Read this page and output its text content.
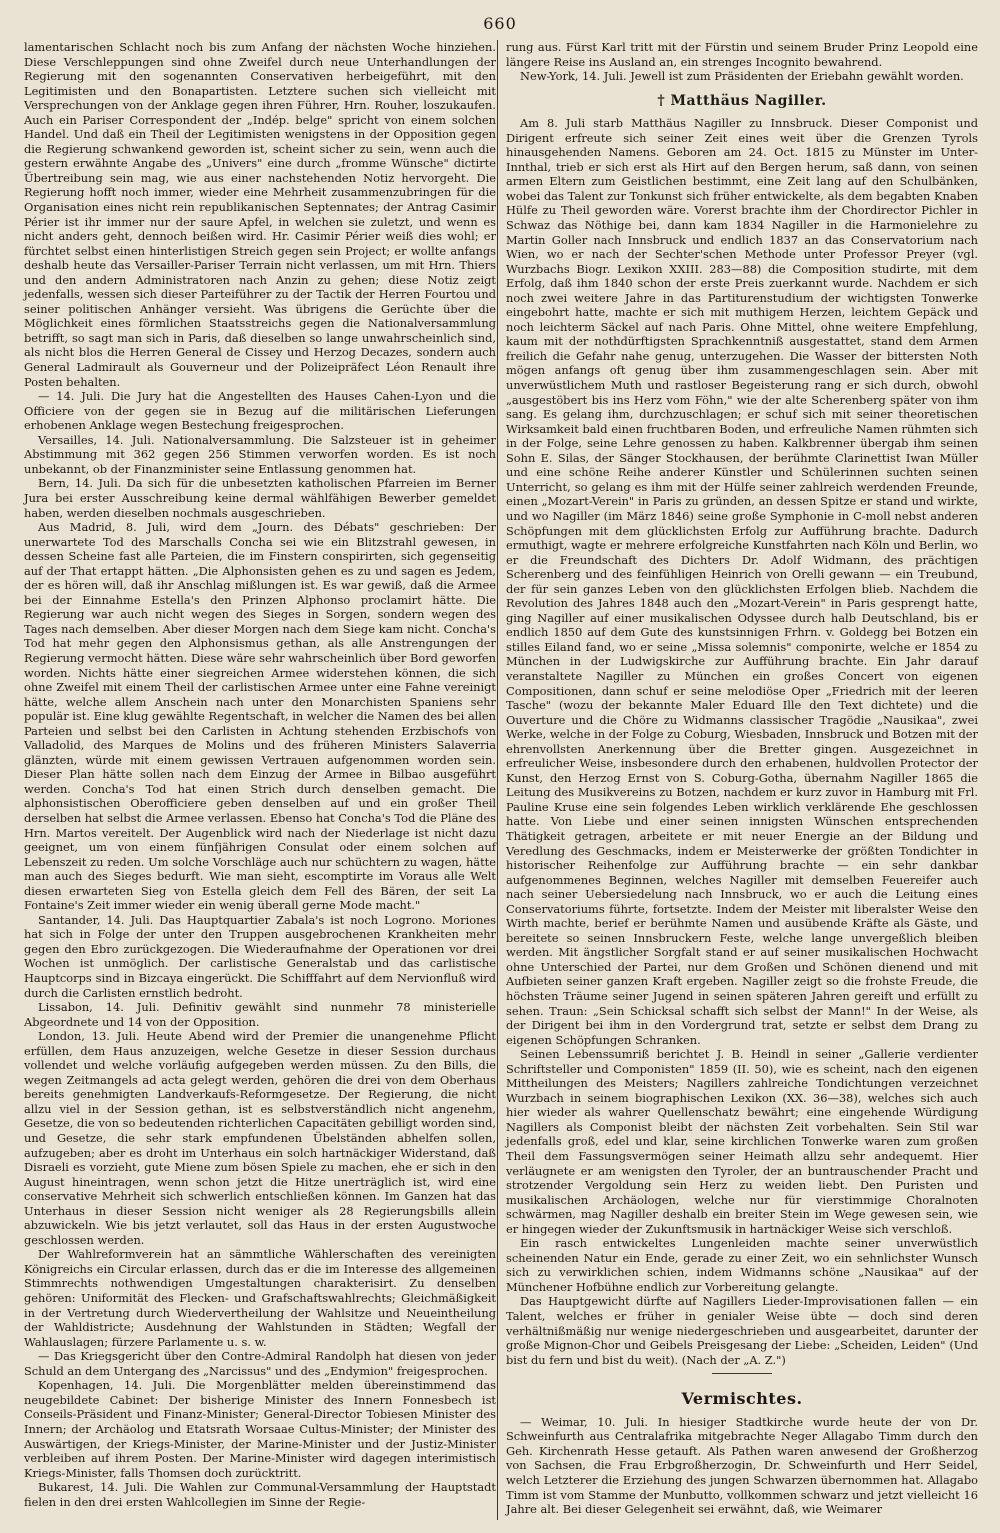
660

lamentarischen Schlacht noch bis zum Anfang der nächsten Woche hinziehen. Diese Verschleppungen sind ohne Zweifel durch neue Unterhandlungen der Regierung mit den sogenannten Conservativen herbeigeführt, mit den Legitimisten und den Bonapartisten. Letztere suchen sich vielleicht mit Versprechungen von der Anklage gegen ihren Führer, Hrn. Rouher, loszukaufen. Auch ein Pariser Correspondent der „Indép. belge" spricht von einem solchen Handel. Und daß ein Theil der Legitimisten wenigstens in der Opposition gegen die Regierung schwankend geworden ist, scheint sicher zu sein, wenn auch die gestern erwähnte Angabe des „Univers" eine durch „fromme Wünsche" dictirte Übertreibung sein mag, wie aus einer nachstehenden Notiz hervorgeht. Die Regierung hofft noch immer, wieder eine Mehrheit zusammenzubringen für die Organisation eines nicht rein republikanischen Septennates; der Antrag Casimir Périer ist ihr immer nur der saure Apfel, in welchen sie zuletzt, und wenn es nicht anders geht, dennoch beißen wird. Hr. Casimir Périer weiß dies wohl; er fürchtet selbst einen hinterlistigen Streich gegen sein Project; er wollte anfangs deshalb heute das Versailler-Pariser Terrain nicht verlassen, um mit Hrn. Thiers und den andern Administratoren nach Anzin zu gehen; diese Notiz zeigt jedenfalls, wessen sich dieser Parteiführer zu der Tactik der Herren Fourtou und seiner politischen Anhänger versieht. Was übrigens die Gerüchte über die Möglichkeit eines förmlichen Staatsstreichs gegen die Nationalversammlung betrifft, so sagt man sich in Paris, daß dieselben so lange unwahrscheinlich sind, als nicht blos die Herren General de Cissey und Herzog Decazes, sondern auch General Ladmirault als Gouverneur und der Polizeipräfect Léon Renault ihre Posten behalten.

— 14. Juli. Die Jury hat die Angestellten des Hauses Cahen-Lyon und die Officiere von der gegen sie in Bezug auf die militärischen Lieferungen erhobenen Anklage wegen Bestechung freigesprochen.

Versailles, 14. Juli. Nationalversammlung. Die Salzsteuer ist in geheimer Abstimmung mit 362 gegen 256 Stimmen verworfen worden. Es ist noch unbekannt, ob der Finanzminister seine Entlassung genommen hat.

Bern, 14. Juli. Da sich für die unbesetzten katholischen Pfarreien im Berner Jura bei erster Ausschreibung keine dermal wählfähigen Bewerber gemeldet haben, werden dieselben nochmals ausgeschrieben.

Aus Madrid, 8. Juli, wird dem „Journ. des Débats" geschrieben: Der unerwartete Tod des Marschalls Concha sei wie ein Blitzstrahl gewesen, in dessen Scheine fast alle Parteien, die im Finstern conspirirten, sich gegenseitig auf der That ertappt hätten. „Die Alphonsisten gehen es zu und sagen es Jedem, der es hören will, daß ihr Anschlag mißlungen ist. Es war gewiß, daß die Armee bei der Einnahme Estella's den Prinzen Alphonso proclamirt hätte. Die Regierung war auch nicht wegen des Sieges in Sorgen, sondern wegen des Tages nach demselben. Aber dieser Morgen nach dem Siege kam nicht. Concha's Tod hat mehr gegen den Alphonsismus gethan, als alle Anstrengungen der Regierung vermocht hätten. Diese wäre sehr wahrscheinlich über Bord geworfen worden. Nichts hätte einer siegreichen Armee widerstehen können, die sich ohne Zweifel mit einem Theil der carlistischen Armee unter eine Fahne vereinigt hätte, welche allem Anschein nach unter den Monarchisten Spaniens sehr populär ist. Eine klug gewählte Regentschaft, in welcher die Namen des bei allen Parteien und selbst bei den Carlisten in Achtung stehenden Erzbischofs von Valladolid, des Marques de Molins und des früheren Ministers Salaverria glänzten, würde mit einem gewissen Vertrauen aufgenommen worden sein. Dieser Plan hätte sollen nach dem Einzug der Armee in Bilbao ausgeführt werden. Concha's Tod hat einen Strich durch denselben gemacht. Die alphonsistischen Oberofficiere geben denselben auf und ein großer Theil derselben hat selbst die Armee verlassen. Ebenso hat Concha's Tod die Pläne des Hrn. Martos vereitelt. Der Augenblick wird nach der Niederlage ist nicht dazu geeignet, um von einem fünfjährigen Consulat oder einem solchen auf Lebenszeit zu reden. Um solche Vorschläge auch nur schüchtern zu wagen, hätte man auch des Sieges bedurft. Wie man sieht, escomptirte im Voraus alle Welt diesen erwarteten Sieg von Estella gleich dem Fell des Bären, der seit La Fontaine's Zeit immer wieder ein wenig überall gerne Mode macht."

Santander, 14. Juli. Das Hauptquartier Zabala's ist noch Logrono. Moriones hat sich in Folge der unter den Truppen ausgebrochenen Krankheiten mehr gegen den Ebro zurückgezogen. Die Wiederaufnahme der Operationen vor drei Wochen ist unmöglich. Der carlistische Generalstab und das carlistische Hauptcorps sind in Bizcaya eingerückt. Die Schifffahrt auf dem Nervionfluß wird durch die Carlisten ernstlich bedroht.

Lissabon, 14. Juli. Definitiv gewählt sind nunmehr 78 ministerielle Abgeordnete und 14 von der Opposition.

London, 13. Juli. Heute Abend wird der Premier die unangenehme Pflicht erfüllen, dem Haus anzuzeigen, welche Gesetze in dieser Session durchaus vollendet und welche vorläufig aufgegeben werden müssen. Zu den Bills, die wegen Zeitmangels ad acta gelegt werden, gehören die drei von dem Oberhaus bereits genehmigten Landverkaufs-Reformgesetze. Der Regierung, die nicht allzu viel in der Session gethan, ist es selbstverständlich nicht angenehm, Gesetze, die von so bedeutenden richterlichen Capacitäten gebilligt worden sind, und Gesetze, die sehr stark empfundenen Übelständen abhelfen sollen, aufzugeben; aber es droht im Unterhaus ein solch hartnäckiger Widerstand, daß Disraeli es vorzieht, gute Miene zum bösen Spiele zu machen, ehe er sich in den August hineintragen, wenn schon jetzt die Hitze unerträglich ist, wird eine conservative Mehrheit sich schwerlich entschließen können. Im Ganzen hat das Unterhaus in dieser Session nicht weniger als 28 Regierungsbills allein abzuwickeln. Wie bis jetzt verlautet, soll das Haus in der ersten Augustwoche geschlossen werden.

Der Wahlreformverein hat an sämmtliche Wählerschaften des vereinigten Königreichs ein Circular erlassen, durch das er die im Interesse des allgemeinen Stimmrechts nothwendigen Umgestaltungen charakterisirt. Zu denselben gehören: Uniformität des Flecken- und Grafschaftswahlrechts; Gleichmäßigkeit in der Vertretung durch Wiedervertheilung der Wahlsitze und Neueintheilung der Wahldistricte; Ausdehnung der Wahlstunden in Städten; Wegfall der Wahlauslagen; fürzere Parlamente u. s. w.

— Das Kriegsgericht über den Contre-Admiral Randolph hat diesen von jeder Schuld an dem Untergang des „Narcissus" und des „Endymion" freigesprochen.

Kopenhagen, 14. Juli. Die Morgenblätter melden übereinstimmend das neugebildete Cabinet: Der bisherige Minister des Innern Fonnesbech ist Conseils-Präsident und Finanz-Minister; General-Director Tobiesen Minister des Innern; der Archäolog und Etatsrath Worsaae Cultus-Minister; der Minister des Auswärtigen, der Kriegs-Minister, der Marine-Minister und der Justiz-Minister verbleiben auf ihrem Posten. Der Marine-Minister wird dagegen interimistisch Kriegs-Minister, falls Thomsen doch zurücktritt.

Bukarest, 14. Juli. Die Wahlen zur Communal-Versammlung der Hauptstadt fielen in den drei ersten Wahlcollegien im Sinne der Regie-

rung aus. Fürst Karl tritt mit der Fürstin und seinem Bruder Prinz Leopold eine längere Reise ins Ausland an, ein strenges Incognito bewahrend.

New-York, 14. Juli. Jewell ist zum Präsidenten der Eriebahn gewählt worden.

† Matthäus Nagiller.

Am 8. Juli starb Matthäus Nagiller zu Innsbruck. Dieser Componist und Dirigent erfreute sich seiner Zeit eines weit über die Grenzen Tyrols hinausgehenden Namens. Geboren am 24. Oct. 1815 zu Münster im Unter-Innthal, trieb er sich erst als Hirt auf den Bergen herum, saß dann, von seinen armen Eltern zum Geistlichen bestimmt, eine Zeit lang auf den Schulbänken, wobei das Talent zur Tonkunst sich früher entwickelte, als dem begabten Knaben Hülfe zu Theil geworden wäre. Vorerst brachte ihm der Chordirector Pichler in Schwaz das Nöthige bei, dann kam 1834 Nagiller in die Harmonielehre zu Martin Goller nach Innsbruck und endlich 1837 an das Conservatorium nach Wien, wo er nach der Sechter'schen Methode unter Professor Preyer (vgl. Wurzbachs Biogr. Lexikon XXIII. 283—88) die Composition studirte, mit dem Erfolg, daß ihm 1840 schon der erste Preis zuerkannt wurde. Nachdem er sich noch zwei weitere Jahre in das Partiturenstudium der wichtigsten Tonwerke eingebohrt hatte, machte er sich mit muthigem Herzen, leichtem Gepäck und noch leichterm Säckel auf nach Paris. Ohne Mittel, ohne weitere Empfehlung, kaum mit der nothdürftigsten Sprachkenntniß ausgestattet, stand dem Armen freilich die Gefahr nahe genug, unterzugehen. Die Wasser der bittersten Noth mögen anfangs oft genug über ihm zusammengeschlagen sein. Aber mit unverwüstlichem Muth und rastloser Begeisterung rang er sich durch, obwohl „ausgestöbert bis ins Herz vom Föhn," wie der alte Scherenberg später von ihm sang. Es gelang ihm, durchzuschlagen; er schuf sich mit seiner theoretischen Wirksamkeit bald einen fruchtbaren Boden, und erfreuliche Namen rühmten sich in der Folge, seine Lehre genossen zu haben. Kalkbrenner übergab ihm seinen Sohn E. Silas, der Sänger Stockhausen, der berühmte Clarinettist Iwan Müller und eine schöne Reihe anderer Künstler und Schülerinnen suchten seinen Unterricht, so gelang es ihm mit der Hülfe seiner zahlreich werdenden Freunde, einen „Mozart-Verein" in Paris zu gründen, an dessen Spitze er stand und wirkte, und wo Nagiller (im März 1846) seine große Symphonie in C-moll nebst anderen Schöpfungen mit dem glücklichsten Erfolg zur Aufführung brachte. Dadurch ermuthigt, wagte er mehrere erfolgreiche Kunstfahrten nach Köln und Berlin, wo er die Freundschaft des Dichters Dr. Adolf Widmann, des prächtigen Scherenberg und des feinfühligen Heinrich von Orelli gewann — ein Treubund, der für sein ganzes Leben von den glücklichsten Erfolgen blieb. Nachdem die Revolution des Jahres 1848 auch den „Mozart-Verein" in Paris gesprengt hatte, ging Nagiller auf einer musikalischen Odyssee durch halb Deutschland, bis er endlich 1850 auf dem Gute des kunstsinnigen Frhrn. v. Goldegg bei Botzen ein stilles Eiland fand, wo er seine „Missa solemnis" componirte, welche er 1854 zu München in der Ludwigskirche zur Aufführung brachte. Ein Jahr darauf veranstaltete Nagiller zu München ein großes Concert von eigenen Compositionen, dann schuf er seine melodiöse Oper „Friedrich mit der leeren Tasche" (wozu der bekannte Maler Eduard Ille den Text dichtete) und die Ouverture und die Chöre zu Widmanns classischer Tragödie „Nausikaa", zwei Werke, welche in der Folge zu Coburg, Wiesbaden, Innsbruck und Botzen mit der ehrenvollsten Anerkennung über die Bretter gingen. Ausgezeichnet in erfreulicher Weise, insbesondere durch den erhabenen, huldvollen Protector der Kunst, den Herzog Ernst von S. Coburg-Gotha, übernahm Nagiller 1865 die Leitung des Musikvereins zu Botzen, nachdem er kurz zuvor in Hamburg mit Frl. Pauline Kruse eine sein folgendes Leben wirklich verklärende Ehe geschlossen hatte. Von Liebe und einer seinen innigsten Wünschen entsprechenden Thätigkeit getragen, arbeitete er mit neuer Energie an der Bildung und Veredlung des Geschmacks, indem er Meisterwerke der größten Tondichter in historischer Reihenfolge zur Aufführung brachte — ein sehr dankbar aufgenommenes Beginnen, welches Nagiller mit demselben Feuereifer auch nach seiner Uebersiedelung nach Innsbruck, wo er auch die Leitung eines Conservatoriums führte, fortsetzte. Indem der Meister mit liberalster Weise den Wirth machte, berief er berühmte Namen und ausübende Kräfte als Gäste, und bereitete so seinen Innsbruckern Feste, welche lange unvergeßlich bleiben werden. Mit ängstlicher Sorgfalt stand er auf seiner musikalischen Hochwacht ohne Unterschied der Partei, nur dem Großen und Schönen dienend und mit Aufbieten seiner ganzen Kraft ergeben. Nagiller zeigt so die frohste Freude, die höchsten Träume seiner Jugend in seinen späteren Jahren gereift und erfüllt zu sehen. Traun: „Sein Schicksal schafft sich selbst der Mann!" In der Weise, als der Dirigent bei ihm in den Vordergrund trat, setzte er selbst dem Drang zu eigenen Schöpfungen Schranken.

Seinen Lebenssumriß berichtet J. B. Heindl in seiner „Gallerie verdienter Schriftsteller und Componisten" 1859 (II. 50), wie es scheint, nach den eigenen Mittheilungen des Meisters; Nagillers zahlreiche Tondichtungen verzeichnet Wurzbach in seinem biographischen Lexikon (XX. 36—38), welches sich auch hier wieder als wahrer Quellenschatz bewährt; eine eingehende Würdigung Nagillers als Componist bleibt der nächsten Zeit vorbehalten. Sein Stil war jedenfalls groß, edel und klar, seine kirchlichen Tonwerke waren zum großen Theil dem Fassungsvermögen seiner Heimath allzu sehr andequemt. Hier verläugnete er am wenigsten den Tyroler, der an buntrauschender Pracht und strotzender Vergoldung sein Herz zu weiden liebt. Den Puristen und musikalischen Archäologen, welche nur für vierstimmige Choralnoten schwärmen, mag Nagiller deshalb ein breiter Stein im Wege gewesen sein, wie er hingegen wieder der Zukunftsmusik in hartnäckiger Weise sich verschloß.

Ein rasch entwickeltes Lungenleiden machte seiner unverwüstlich scheinenden Natur ein Ende, gerade zu einer Zeit, wo ein sehnlichster Wunsch sich zu verwirklichen schien, indem Widmanns schöne „Nausikaa" auf der Münchener Hofbühne endlich zur Vorbereitung gelangte.

Das Hauptgewicht dürfte auf Nagillers Lieder-Improvisationen fallen — ein Talent, welches er früher in genialer Weise übte — doch sind deren verhältnißmäßig nur wenige niedergeschrieben und ausgearbeitet, darunter der große Mignon-Chor und Geibels Preisgesang der Liebe: „Scheiden, Leiden" (Und bist du fern und bist du weit). (Nach der „A. Z.")

Vermischtes.

— Weimar, 10. Juli. In hiesiger Stadtkirche wurde heute der von Dr. Schweinfurth aus Centralafrika mitgebrachte Neger Allagabo Timm durch den Geh. Kirchenrath Hesse getauft. Als Pathen waren anwesend der Großherzog von Sachsen, die Frau Erbgroßherzogin, Dr. Schweinfurth und Herr Seidel, welch Letzterer die Erziehung des jungen Schwarzen übernommen hat. Allagabo Timm ist vom Stamme der Munbutto, vollkommen schwarz und jetzt vielleicht 16 Jahre alt. Bei dieser Gelegenheit sei erwähnt, daß, wie Weimarer
